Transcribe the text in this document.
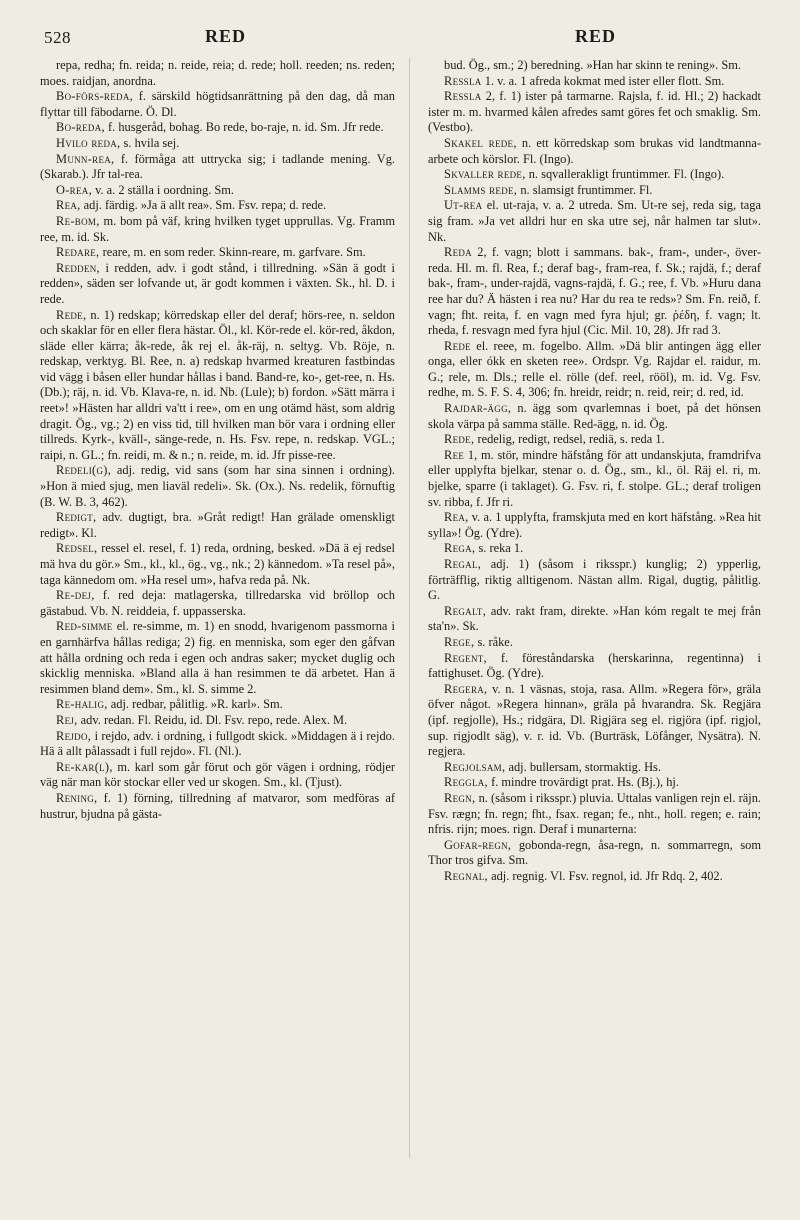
528	RED	RED

repa, redha; fn. reida; n. reide, reia; d. rede; holl. reeden; ns. reden; moes. raidjan, anordna.

Bo-förs-reda, f. särskild högtidsanrättning på den dag, då man flyttar till fäbodarne. Ö. Dl.

Bo-reda, f. husgeråd, bohag. Bo rede, bo-raje, n. id. Sm. Jfr rede.

Hvilo reda, s. hvila sej.

Munn-rea, f. förmåga att uttrycka sig; i tadlande mening. Vg. (Skarab.). Jfr tal-rea.

O-rea, v. a. 2 ställa i oordning. Sm.

Rea, adj. färdig. »Ja ä allt rea». Sm. Fsv. repa; d. rede.

Re-bom, m. bom på väf, kring hvilken tyget upprullas. Vg. Framm ree, m. id. Sk.

Redare, reare, m. en som reder. Skinn-reare, m. garfvare. Sm.

Redden, i redden, adv. i godt stånd, i tillredning. »Sän ä godt i redden», säden ser lofvande ut, är godt kommen i växten. Sk., hl. D. i rede.

Rede, n. 1) redskap; körredskap eller del deraf; hörs-ree, n. seldon och skaklar för en eller flera hästar. Öl., kl. Kör-rede el. kör-red, åkdon, släde eller kärra; åk-rede, åk rej el. åk-räj, n. seltyg. Vb. Röje, n. redskap, verktyg. Bl. Ree, n. a) redskap hvarmed kreaturen fastbindas vid vägg i båsen eller hundar hållas i band. Band-re, ko-, get-ree, n. Hs. (Db.); räj, n. id. Vb. Klava-re, n. id. Nb. (Lule); b) fordon. »Sätt märra i reet»! »Hästen har alldri va'tt i ree», om en ung otämd häst, som aldrig dragit. Ög., vg.; 2) en viss tid, till hvilken man bör vara i ordning eller tillreds. Kyrk-, kväll-, sänge-rede, n. Hs. Fsv. repe, n. redskap. VGL.; raipi, n. GL.; fn. reidi, m. & n.; n. reide, m. id. Jfr pisse-ree.

Redeli(g), adj. redig, vid sans (som har sina sinnen i ordning). »Hon ä mied sjug, men liaväl redeli». Sk. (Ox.). Ns. redelik, förnuftig (B. W. B. 3, 462).

Redigt, adv. dugtigt, bra. »Gråt redigt! Han grälade omenskligt redigt». Kl.

Redsel, ressel el. resel, f. 1) reda, ordning, besked. »Dä ä ej redsel mä hva du gör.» Sm., kl., kl., ög., vg., nk.; 2) kännedom. »Ta resel på», taga kännedom om. »Ha resel um», hafva reda på. Nk.

Re-dej, f. red deja: matlagerska, tillredarska vid bröllop och gästabud. Vb. N. reiddeia, f. uppasserska.

Red-simme el. re-simme, m. 1) en snodd, hvarigenom passmorna i en garnhärfva hållas rediga; 2) fig. en menniska, som eger den gåfvan att hålla ordning och reda i egen och andras saker; mycket duglig och skicklig menniska. »Bland alla ä han resimmen te dä arbetet. Han ä resimmen bland dem». Sm., kl. S. simme 2.

Re-halig, adj. redbar, pålitlig. »R. karl». Sm.

Rej, adv. redan. Fl. Reidu, id. Dl. Fsv. repo, rede. Alex. M.

Rejdo, i rejdo, adv. i ordning, i fullgodt skick. »Middagen ä i rejdo. Hä ä allt pålassadt i full rejdo». Fl. (Nl.).

Re-kar(l), m. karl som går förut och gör vägen i ordning, rödjer väg när man kör stockar eller ved ur skogen. Sm., kl. (Tjust).

Rening, f. 1) förning, tillredning af matvaror, som medföras af hustrur, bjudna på gästa-

bud. Ög., sm.; 2) beredning. »Han har skinn te rening». Sm.

Ressla 1. v. a. 1 afreda kokmat med ister eller flott. Sm.

Ressla 2, f. 1) ister på tarmarne. Rajsla, f. id. Hl.; 2) hackadt ister m. m. hvarmed kålen afredes samt göres fet och smaklig. Sm. (Vestbo).

Skakel rede, n. ett körredskap som brukas vid landtmanna-arbete och körslor. Fl. (Ingo).

Skvaller rede, n. sqvallerakligt fruntimmer. Fl. (Ingo).

Slamms rede, n. slamsigt fruntimmer. Fl.

Ut-rea el. ut-raja, v. a. 2 utreda. Sm. Ut-re sej, reda sig, taga sig fram. »Ja vet alldri hur en ska utre sej, når halmen tar slut». Nk.

Reda 2, f. vagn; blott i sammans. bak-, fram-, under-, över-reda. Hl. m. fl. Rea, f.; deraf bag-, fram-rea, f. Sk.; rajdä, f.; deraf bak-, fram-, under-rajdä, vagns-rajdä, f. G.; ree, f. Vb. »Huru dana ree har du? Ä hästen i rea nu? Har du rea te reds»? Sm. Fn. reið, f. vagn; fht. reita, f. en vagn med fyra hjul; gr. ῥέδη, f. vagn; lt. rheda, f. resvagn med fyra hjul (Cic. Mil. 10, 28). Jfr rad 3.

Rede el. reee, m. fogelbo. Allm. »Dä blir antingen ägg eller onga, eller ókk en sketen ree». Ordspr. Vg. Rajdar el. raidur, m. G.; rele, m. Dls.; relle el. rölle (def. reel, rööl), m. id. Vg. Fsv. redhe, m. S. F. S. 4, 306; fn. hreidr, reidr; n. reid, reir; d. red, id.

Rajdar-ägg, n. ägg som qvarlemnas i boet, på det hönsen skola värpa på samma ställe. Red-ägg, n. id. Ög.

Rede, redelig, redigt, redsel, rediä, s. reda 1.

Ree 1, m. stör, mindre häfstång för att undanskjuta, framdrifva eller upplyfta bjelkar, stenar o. d. Ög., sm., kl., öl. Räj el. ri, m. bjelke, sparre (i taklaget). G. Fsv. ri, f. stolpe. GL.; deraf troligen sv. ribba, f. Jfr ri.

Rea, v. a. 1 upplyfta, framskjuta med en kort häfstång. »Rea hit sylla»! Ög. (Ydre).

Rega, s. reka 1.

Regal, adj. 1) (såsom i riksspr.) kunglig; 2) ypperlig, förträfflig, riktig alltigenom. Nästan allm. Rigal, dugtig, pålitlig. G.

Regalt, adv. rakt fram, direkte. »Han kóm regalt te mej från sta'n». Sk.

Rege, s. råke.

Regent, f. föreståndarska (herskarinna, regentinna) i fattighuset. Ög. (Ydre).

Regera, v. n. 1 väsnas, stoja, rasa. Allm. »Regera för», gräla öfver något. »Regera hinnan», gräla på hvarandra. Sk. Regjära (ipf. regjolle), Hs.; ridgära, Dl. Rigjära seg el. rigjöra (ipf. rigjol, sup. rigjodlt säg), v. r. id. Vb. (Burträsk, Löfånger, Nysätra). N. regjera.

Regjolsam, adj. bullersam, stormaktig. Hs.

Reggla, f. mindre trovärdigt prat. Hs. (Bj.), hj.

Regn, n. (såsom i riksspr.) pluvia. Uttalas vanligen rejn el. räjn. Fsv. rægn; fn. regn; fht., fsax. regan; fe., nht., holl. regen; e. rain; nfris. rijn; moes. rign. Deraf i munarterna:

Gofar-regn, gobonda-regn, åsa-regn, n. sommarregn, som Thor tros gifva. Sm.

Regnal, adj. regnig. Vl. Fsv. regnol, id. Jfr Rdq. 2, 402.
